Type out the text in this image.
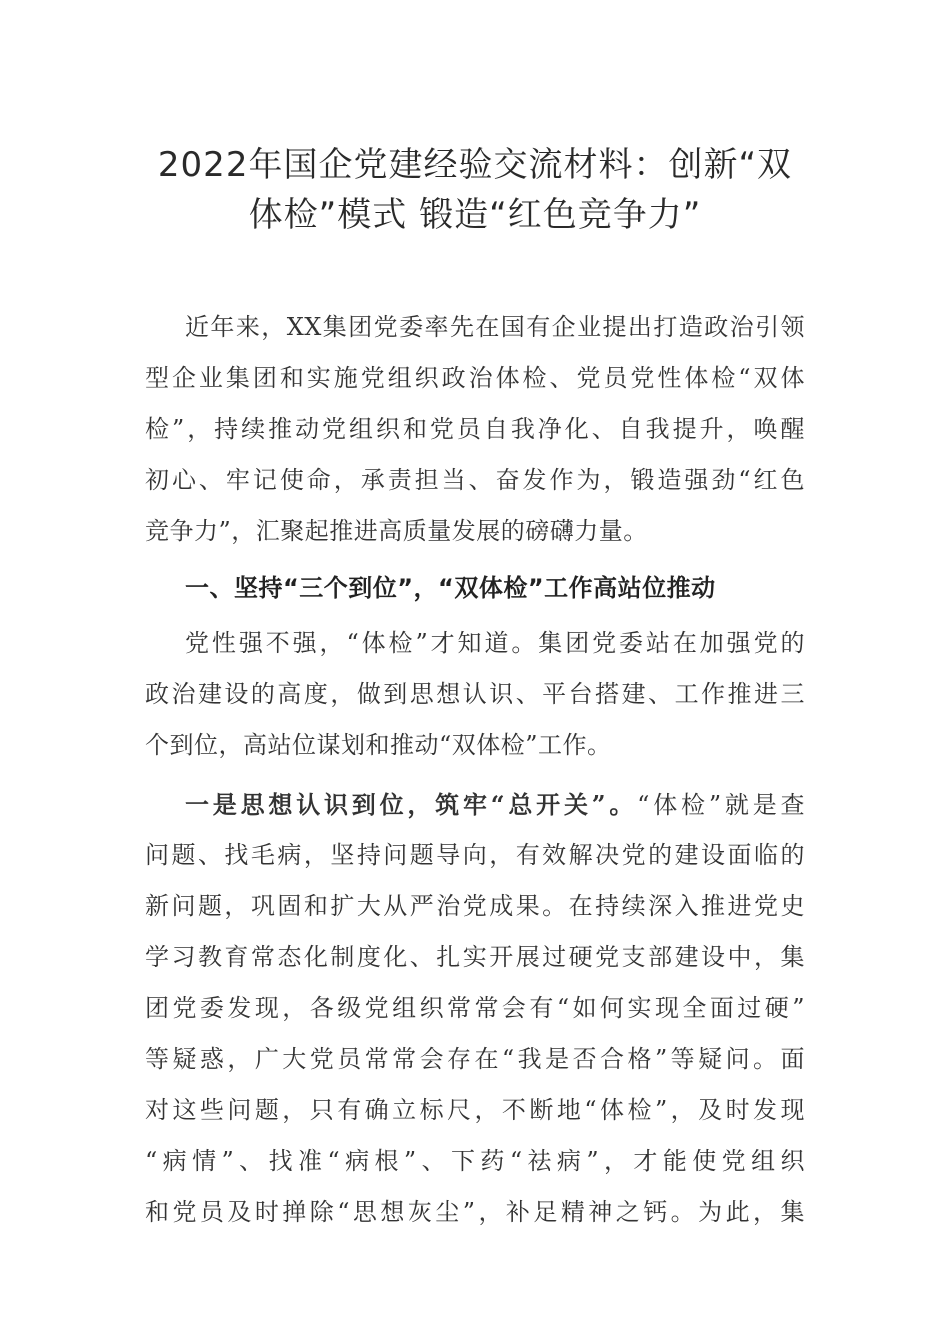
2022年国企党建经验交流材料：创新“双
体检”模式 锻造“红色竞争力”
近年来，XX集团党委率先在国有企业提出打造政治引领
型企业集团和实施党组织政治体检、党员党性体检“双体
检”，持续推动党组织和党员自我净化、自我提升，唤醒
初心、牢记使命，承责担当、奋发作为，锻造强劲“红色
竞争力”，汇聚起推进高质量发展的磅礴力量。
一、坚持“三个到位”，“双体检”工作高站位推动
党性强不强，“体检”才知道。集团党委站在加强党的
政治建设的高度，做到思想认识、平台搭建、工作推进三
个到位，高站位谋划和推动“双体检”工作。
一是思想认识到位，筑牢“总开关”。“体检”就是查
问题、找毛病，坚持问题导向，有效解决党的建设面临的
新问题，巩固和扩大从严治党成果。在持续深入推进党史
学习教育常态化制度化、扎实开展过硬党支部建设中，集
团党委发现，各级党组织常常会有“如何实现全面过硬”
等疑惑，广大党员常常会存在“我是否合格”等疑问。面
对这些问题，只有确立标尺，不断地“体检”，及时发现
“病情”、找准“病根”、下药“祛病”，才能使党组织
和党员及时掸除“思想灰尘”，补足精神之钙。为此，集
